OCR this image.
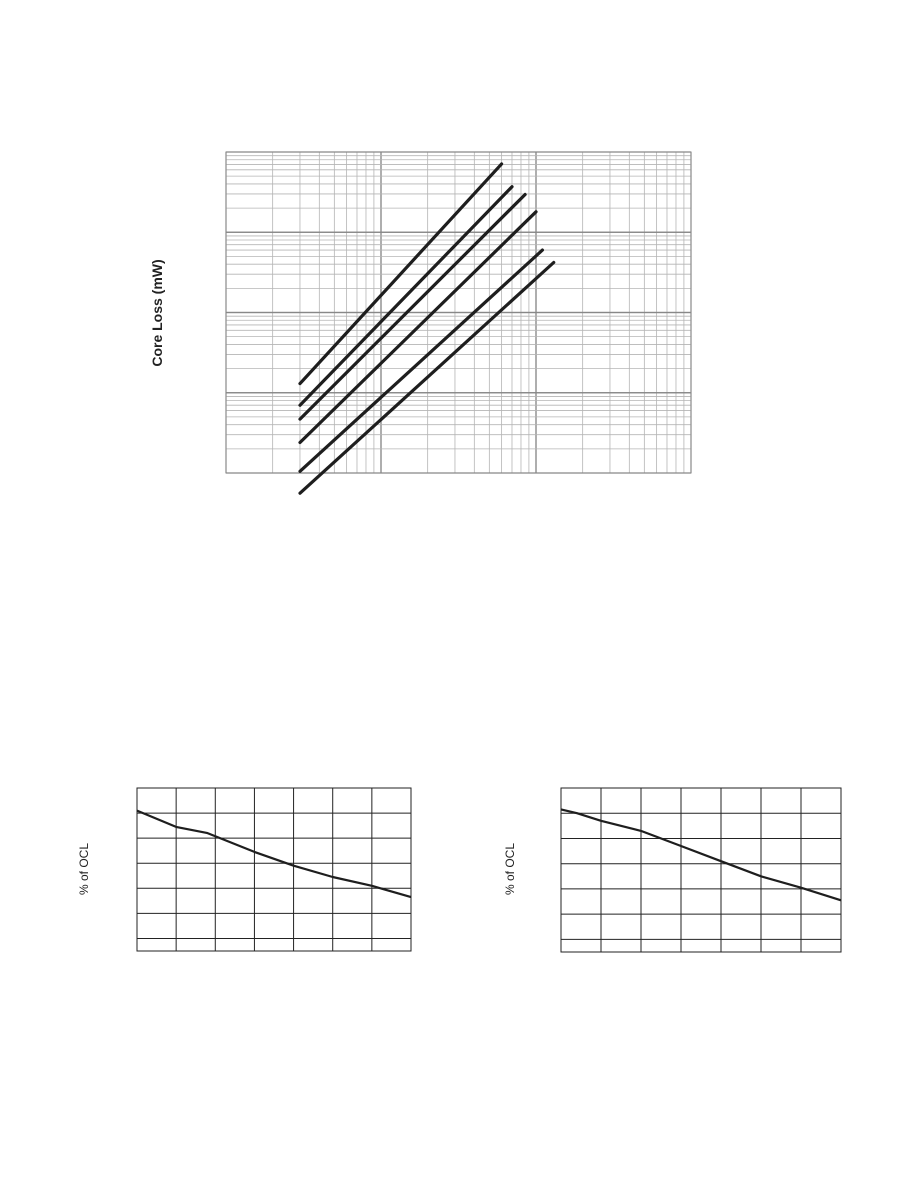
Core Loss (mW)
% of OCL	% of OCL
